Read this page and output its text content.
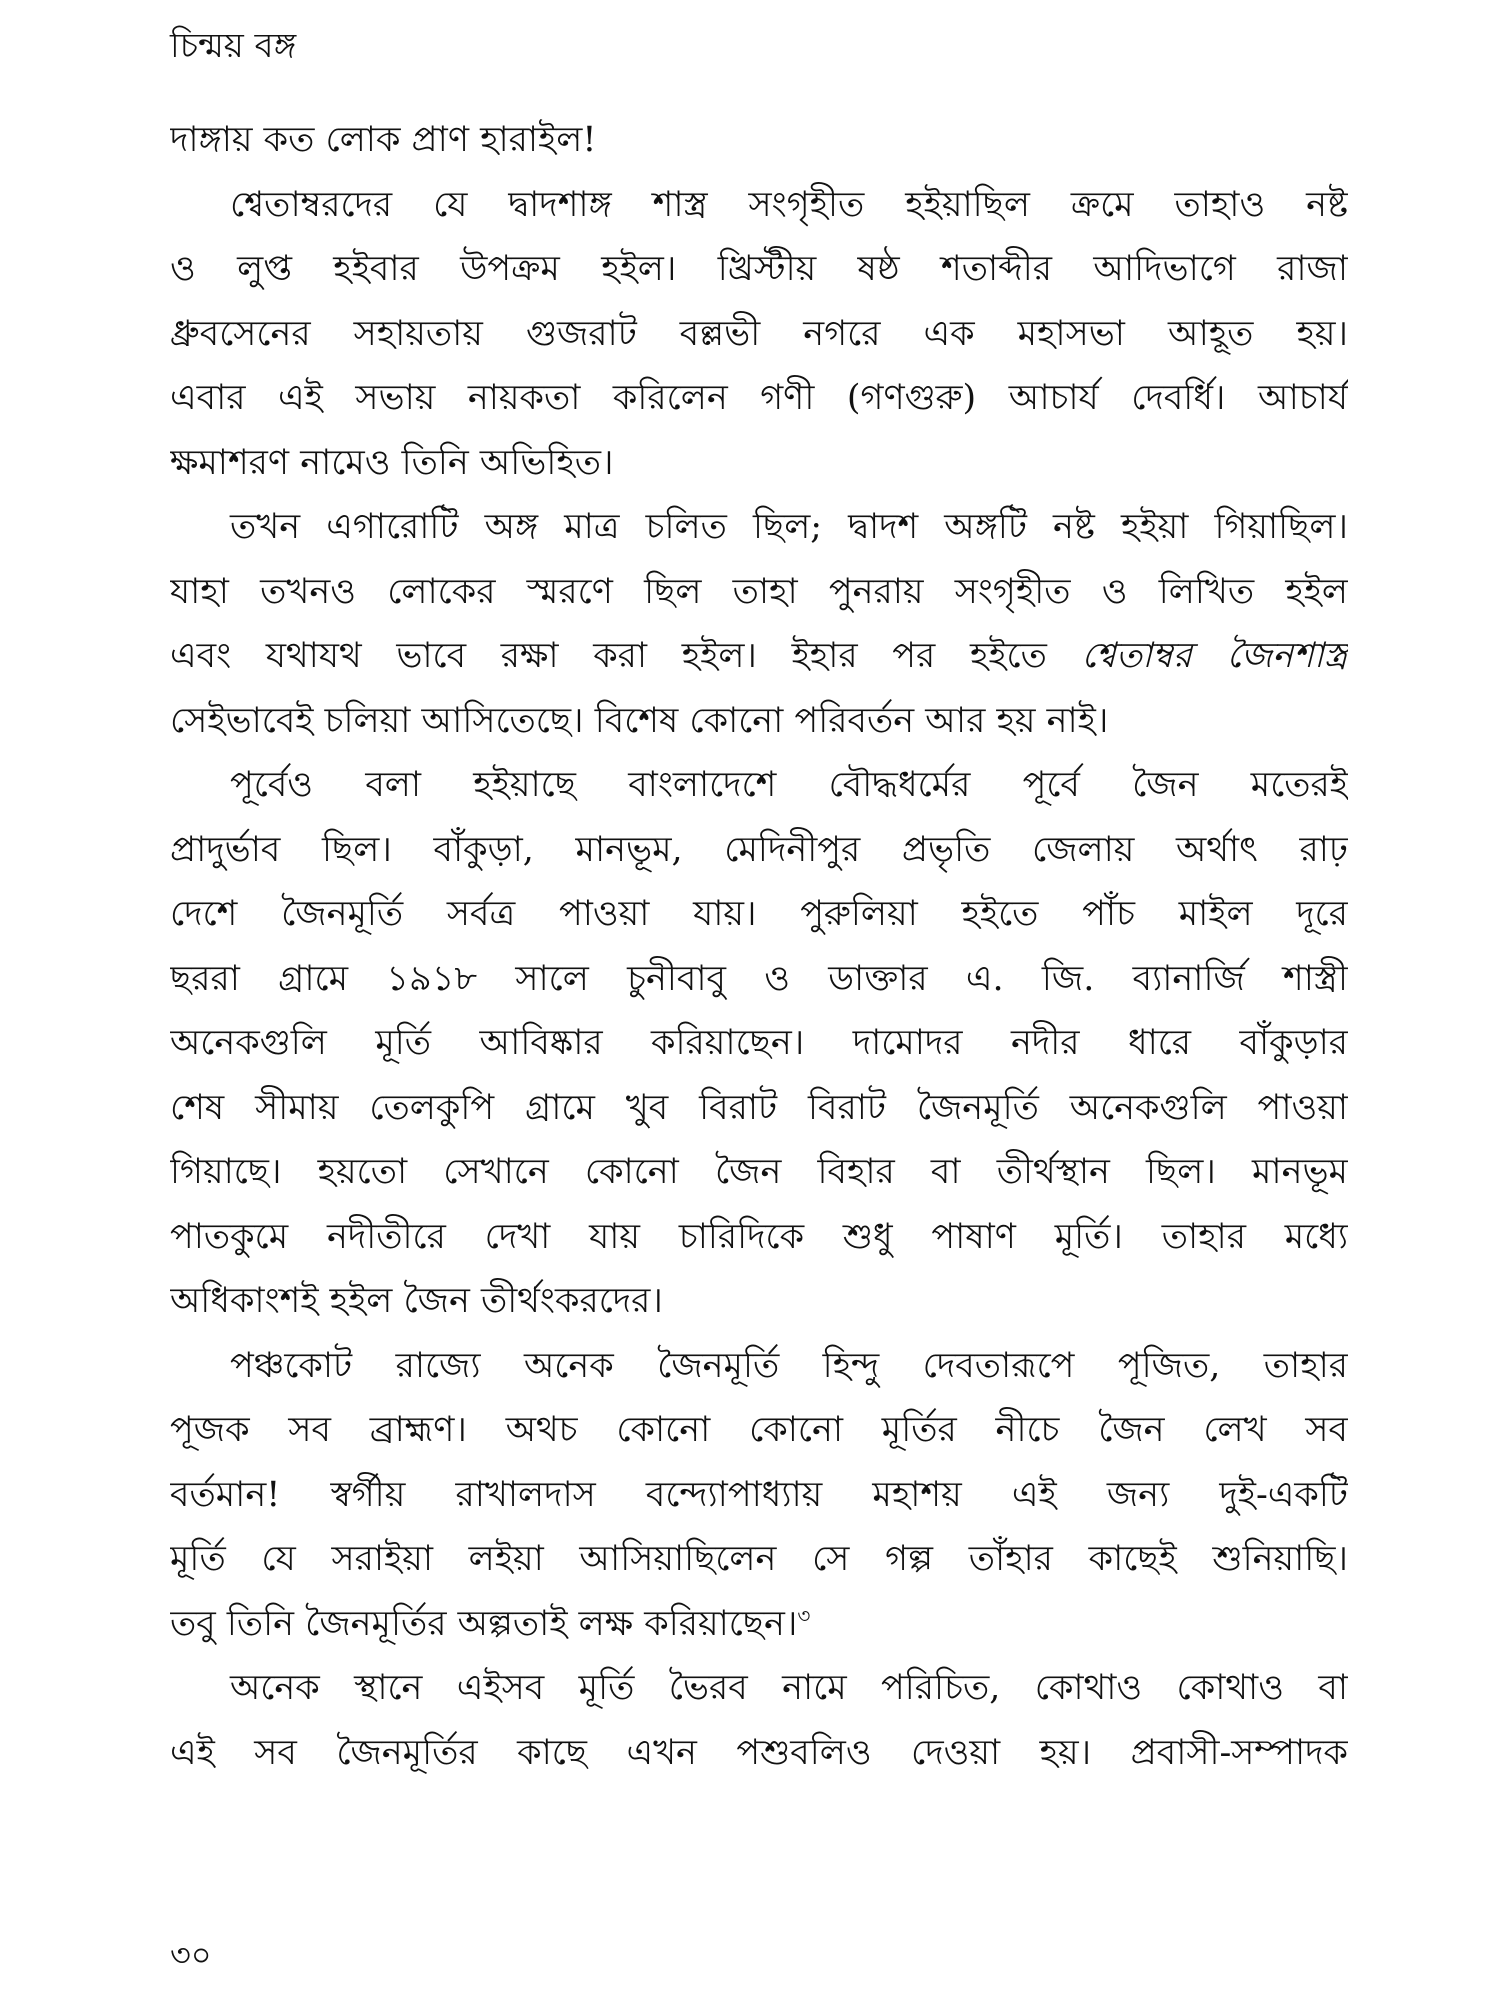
চিন্ময় বঙ্গ
দাঙ্গায় কত লোক প্রাণ হারাইল!
শ্বেতাম্বরদের যে দ্বাদশাঙ্গ শাস্ত্র সংগৃহীত হইয়াছিল ক্রমে তাহাও নষ্ট
ও লুপ্ত হইবার উপক্রম হইল। খ্রিস্টীয় ষষ্ঠ শতাব্দীর আদিভাগে রাজা
ধ্রুবসেনের সহায়তায় গুজরাট বল্লভী নগরে এক মহাসভা আহূত হয়।
এবার এই সভায় নায়কতা করিলেন গণী (গণগুরু) আচার্য দেবর্ধি। আচার্য
ক্ষমাশরণ নামেও তিনি অভিহিত।
তখন এগারোটি অঙ্গ মাত্র চলিত ছিল; দ্বাদশ অঙ্গটি নষ্ট হইয়া গিয়াছিল।
যাহা তখনও লোকের স্মরণে ছিল তাহা পুনরায় সংগৃহীত ও লিখিত হইল
এবং যথাযথ ভাবে রক্ষা করা হইল। ইহার পর হইতে শ্বেতাম্বর জৈনশাস্ত্র
সেইভাবেই চলিয়া আসিতেছে। বিশেষ কোনো পরিবর্তন আর হয় নাই।
পূর্বেও বলা হইয়াছে বাংলাদেশে বৌদ্ধধর্মের পূর্বে জৈন মতেরই
প্রাদুর্ভাব ছিল। বাঁকুড়া, মানভূম, মেদিনীপুর প্রভৃতি জেলায় অর্থাৎ রাঢ়
দেশে জৈনমূর্তি সর্বত্র পাওয়া যায়। পুরুলিয়া হইতে পাঁচ মাইল দূরে
ছররা গ্রামে ১৯১৮ সালে চুনীবাবু ও ডাক্তার এ. জি. ব্যানার্জি শাস্ত্রী
অনেকগুলি মূর্তি আবিষ্কার করিয়াছেন। দামোদর নদীর ধারে বাঁকুড়ার
শেষ সীমায় তেলকুপি গ্রামে খুব বিরাট বিরাট জৈনমূর্তি অনেকগুলি পাওয়া
গিয়াছে। হয়তো সেখানে কোনো জৈন বিহার বা তীর্থস্থান ছিল। মানভূম
পাতকুমে নদীতীরে দেখা যায় চারিদিকে শুধু পাষাণ মূর্তি। তাহার মধ্যে
অধিকাংশই হইল জৈন তীর্থংকরদের।
পঞ্চকোট রাজ্যে অনেক জৈনমূর্তি হিন্দু দেবতারূপে পূজিত, তাহার
পূজক সব ব্রাহ্মণ। অথচ কোনো কোনো মূর্তির নীচে জৈন লেখ সব
বর্তমান! স্বর্গীয় রাখালদাস বন্দ্যোপাধ্যায় মহাশয় এই জন্য দুই-একটি
মূর্তি যে সরাইয়া লইয়া আসিয়াছিলেন সে গল্প তাঁহার কাছেই শুনিয়াছি।
তবু তিনি জৈনমূর্তির অল্পতাই লক্ষ করিয়াছেন।$^৩$
অনেক স্থানে এইসব মূর্তি ভৈরব নামে পরিচিত, কোথাও কোথাও বা
এই সব জৈনমূর্তির কাছে এখন পশুবলিও দেওয়া হয়। প্রবাসী-সম্পাদক
৩০
